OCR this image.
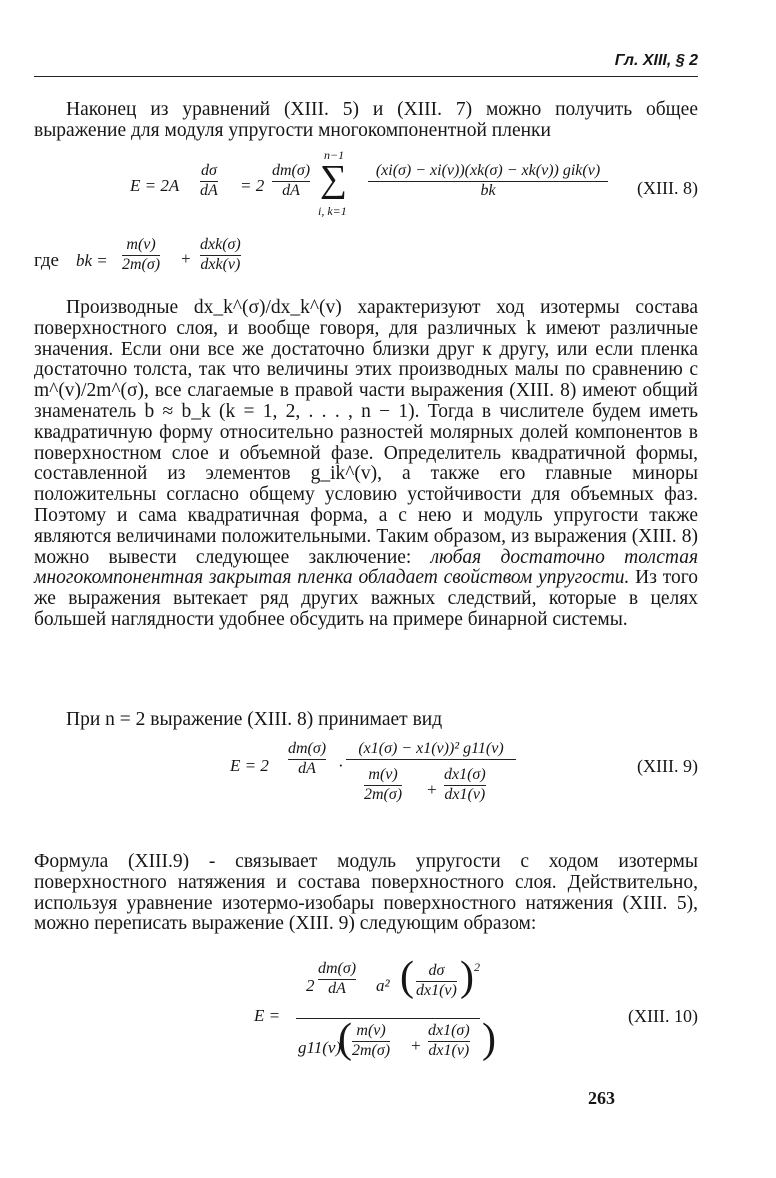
Гл. XIII, § 2

Наконец из уравнений (XIII. 5) и (XIII. 7) можно получить общее выражение для модуля упругости многокомпонентной пленки

$E = 2A \frac{d\sigma}{dA} = 2 \frac{dm(\sigma)}{dA}$
n−1
∑
i, k=1
(xi(σ) − xi(v))(xk(σ) − xk(v)) gik(v)
bk	(XIII. 8)
где bk = $\frac{m(v)}{2m(\sigma)}$ +
dxk(σ)
dxk(v)

Производные dx_k^(σ)/dx_k^(v) характеризуют ход изотермы состава поверхностного слоя, и вообще говоря, для различных k имеют различные значения. Если они все же достаточно близки друг к другу, или если пленка достаточно толста, так что величины этих производных малы по сравнению с m^(v)/2m^(σ), все слагаемые в правой части выражения (XIII. 8) имеют общий знаменатель b ≈ b_k (k = 1, 2, . . . , n − 1). Тогда в числителе будем иметь квадратичную форму относительно разностей молярных долей компонентов в поверхностном слое и объемной фазе. Определитель квадратичной формы, составленной из элементов g_ik^(v), а также его главные миноры положительны согласно общему условию устойчивости для объемных фаз. Поэтому и сама квадратичная форма, а с нею и модуль упругости также являются величинами положительными. Таким образом, из выражения (XIII. 8) можно вывести следующее заключение: любая достаточно толстая многокомпонентная закрытая пленка обладает свойством упругости. Из того же выражения вытекает ряд других важных следствий, которые в целях большей наглядности удобнее обсудить на примере бинарной системы.

При n = 2 выражение (XIII. 8) принимает вид

$E = 2 \frac{dm(\sigma)}{dA}$ ·
(x1(σ) − x1(v))² g11(v)
$\frac{m(v)}{2m(\sigma)} + \frac{dx1(\sigma)}{dx1(v)}$	(XIII. 9)

Формула (XIII.9) - связывает модуль упругости с ходом изотермы поверхностного натяжения и состава поверхностного слоя. Действительно, используя уравнение изотермо-изобары поверхностного натяжения (XIII. 5), можно переписать выражение (XIII. 9) следующим образом:

E =
$2 \frac{dm(\sigma)}{dA} a^2$ ( $\frac{d\sigma}{dx1(v)}$ ) 2
g11(v)
( $\frac{m(v)}{2m(\sigma)} + \frac{dx1(\sigma)}{dx1(v)}$ )	(XIII. 10)
263
